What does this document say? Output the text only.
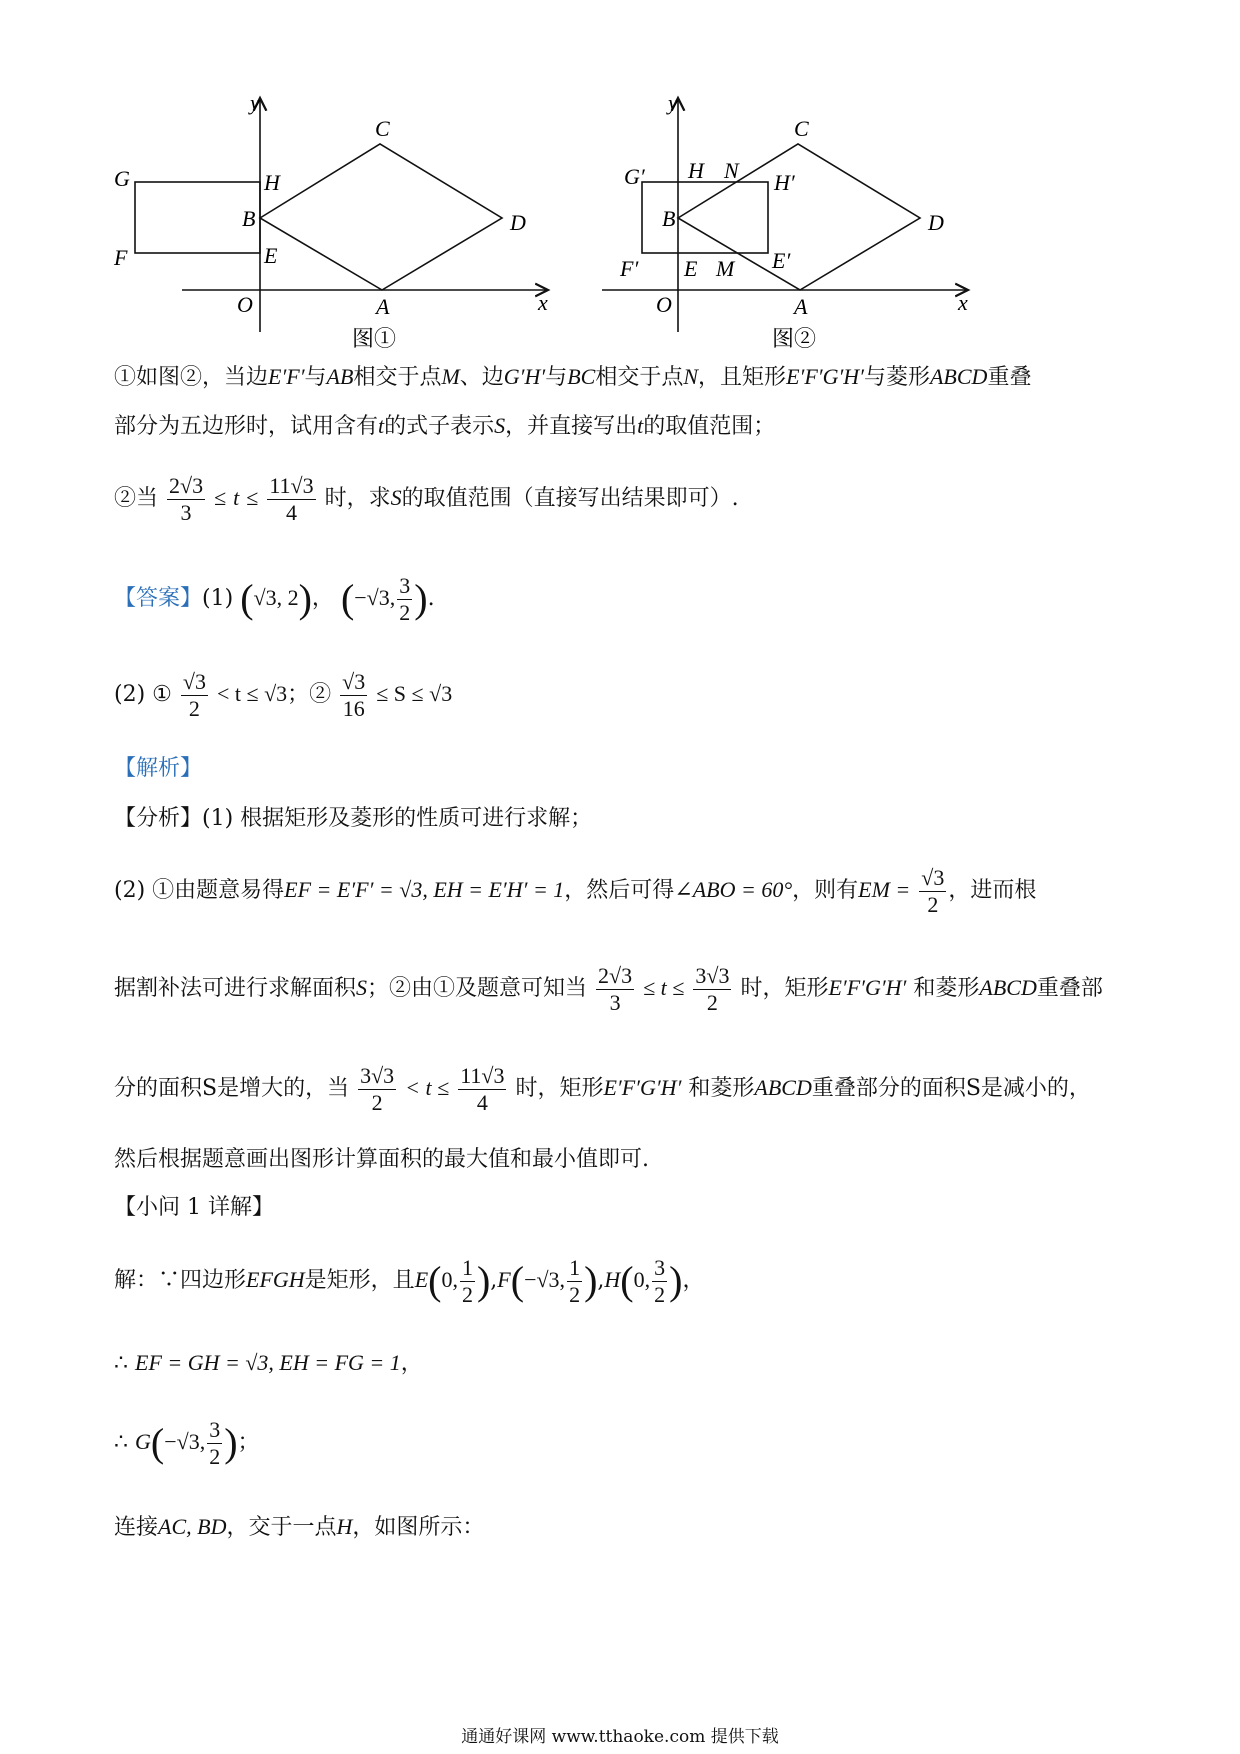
y
x
O	A
B
C
D
E
F
G	H
图①
y
x
O	A
B
C
D
E M
N
H
F′
G′	H′
E′
图②
①如图②，当边E′F′与AB相交于点M、边G′H′与BC相交于点N，且矩形E′F′G′H′与菱形ABCD重叠
部分为五边形时，试用含有t的式子表示S，并直接写出t的取值范围；
②当 $\frac{2√3}{3} \le t \le \frac{11√3}{4}$ 时，求S的取值范围（直接写出结果即可）.
【答案】(1) (√3, 2)， (−√3, $\frac{3}{2}$ ).
(2) ① $\frac{√3}{2} < t \le √3$；② $\frac{√3}{16} \le S \le √3$
【解析】
【分析】(1) 根据矩形及菱形的性质可进行求解；
(2) ①由题意易得EF = E′F′ = √3, EH = E′H′ = 1，然后可得∠ABO = 60°，则有EM = $\frac{√3}{2}$ ，进而根
据割补法可进行求解面积S；②由①及题意可知当 $\frac{2√3}{3} \le t \le \frac{3√3}{2}$ 时，矩形E′F′G′H′ 和菱形ABCD重叠部
分的面积S是增大的，当 $\frac{3√3}{2} < t \le \frac{11√3}{4}$ 时，矩形E′F′G′H′ 和菱形ABCD重叠部分的面积S是减小的，
然后根据题意画出图形计算面积的最大值和最小值即可.
【小问 1 详解】
解：∵四边形EFGH是矩形，且E(0, $\frac{1}{2} ),F(-√3$, $\frac{1}{2} ),H(0$, $\frac{3}{2}$ )，
∴ EF = GH = √3, EH = FG = 1，
∴ G(−√3, $\frac{3}{2}$ )；
连接AC, BD，交于一点H，如图所示：
通通好课网 www.tthaoke.com 提供下载
